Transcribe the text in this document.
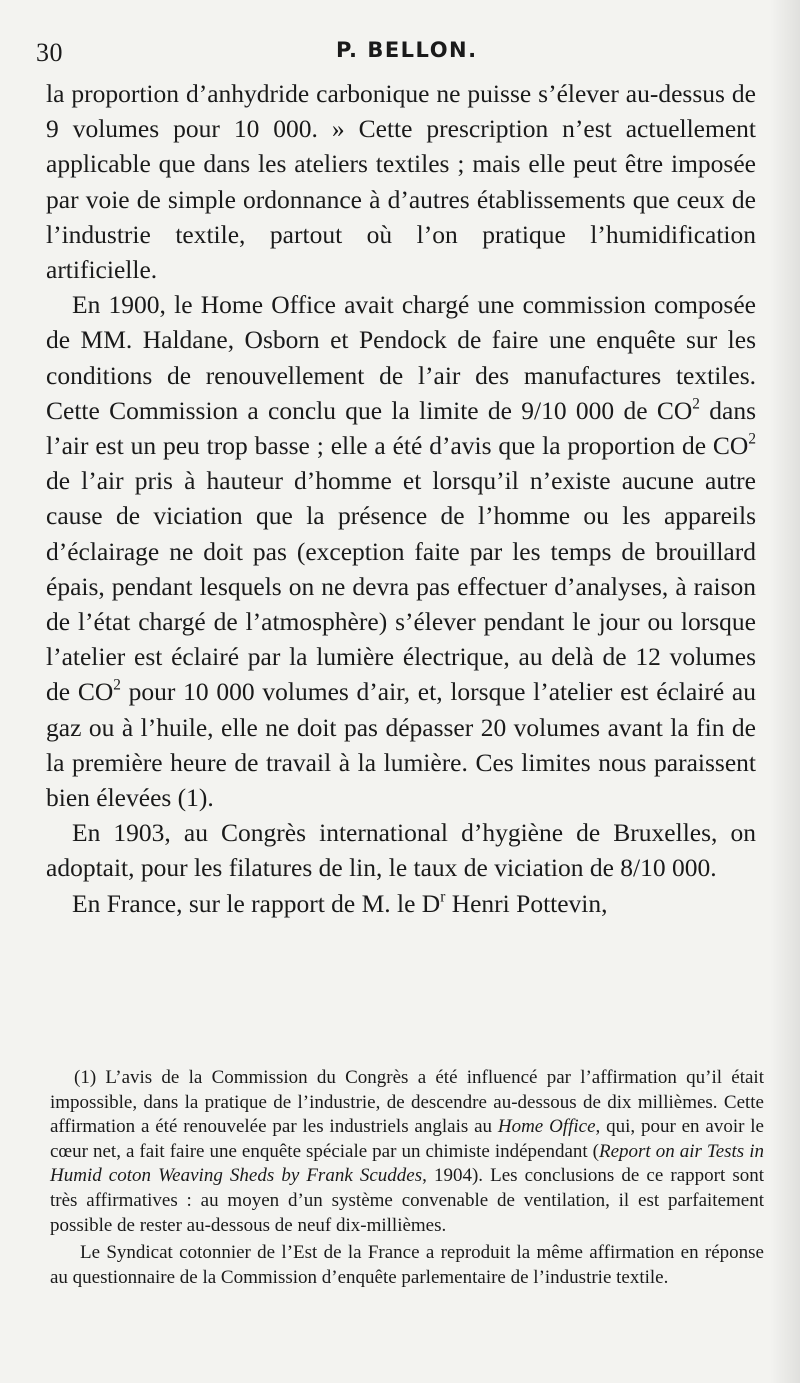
30	P. BELLON.

la proportion d’anhydride carbonique ne puisse s’élever au-dessus de 9 volumes pour 10 000. » Cette prescription n’est actuellement applicable que dans les ateliers textiles ; mais elle peut être imposée par voie de simple ordonnance à d’autres établissements que ceux de l’industrie textile, partout où l’on pratique l’humidification artificielle.

En 1900, le Home Office avait chargé une commission composée de MM. Haldane, Osborn et Pendock de faire une enquête sur les conditions de renouvellement de l’air des manufactures textiles. Cette Commission a conclu que la limite de 9/10 000 de $CO^2$ dans l’air est un peu trop basse ; elle a été d’avis que la proportion de $CO^2$ de l’air pris à hauteur d’homme et lorsqu’il n’existe aucune autre cause de viciation que la présence de l’homme ou les appareils d’éclairage ne doit pas (exception faite par les temps de brouillard épais, pendant lesquels on ne devra pas effectuer d’analyses, à raison de l’état chargé de l’atmosphère) s’élever pendant le jour ou lorsque l’atelier est éclairé par la lumière électrique, au delà de 12 volumes de $CO^2$ pour 10 000 volumes d’air, et, lorsque l’atelier est éclairé au gaz ou à l’huile, elle ne doit pas dépasser 20 volumes avant la fin de la première heure de travail à la lumière. Ces limites nous paraissent bien élevées (1).

En 1903, au Congrès international d’hygiène de Bruxelles, on adoptait, pour les filatures de lin, le taux de viciation de 8/10 000.

En France, sur le rapport de M. le $D^r$ Henri Pottevin,

(1) L’avis de la Commission du Congrès a été influencé par l’affirmation qu’il était impossible, dans la pratique de l’industrie, de descendre au-dessous de dix millièmes. Cette affirmation a été renouvelée par les industriels anglais au Home Office, qui, pour en avoir le cœur net, a fait faire une enquête spéciale par un chimiste indépendant (Report on air Tests in Humid coton Weaving Sheds by Frank Scuddes, 1904). Les conclusions de ce rapport sont très affirmatives : au moyen d’un système convenable de ventilation, il est parfaitement possible de rester au-dessous de neuf dix-millièmes.

Le Syndicat cotonnier de l’Est de la France a reproduit la même affirmation en réponse au questionnaire de la Commission d’enquête parlementaire de l’industrie textile.
